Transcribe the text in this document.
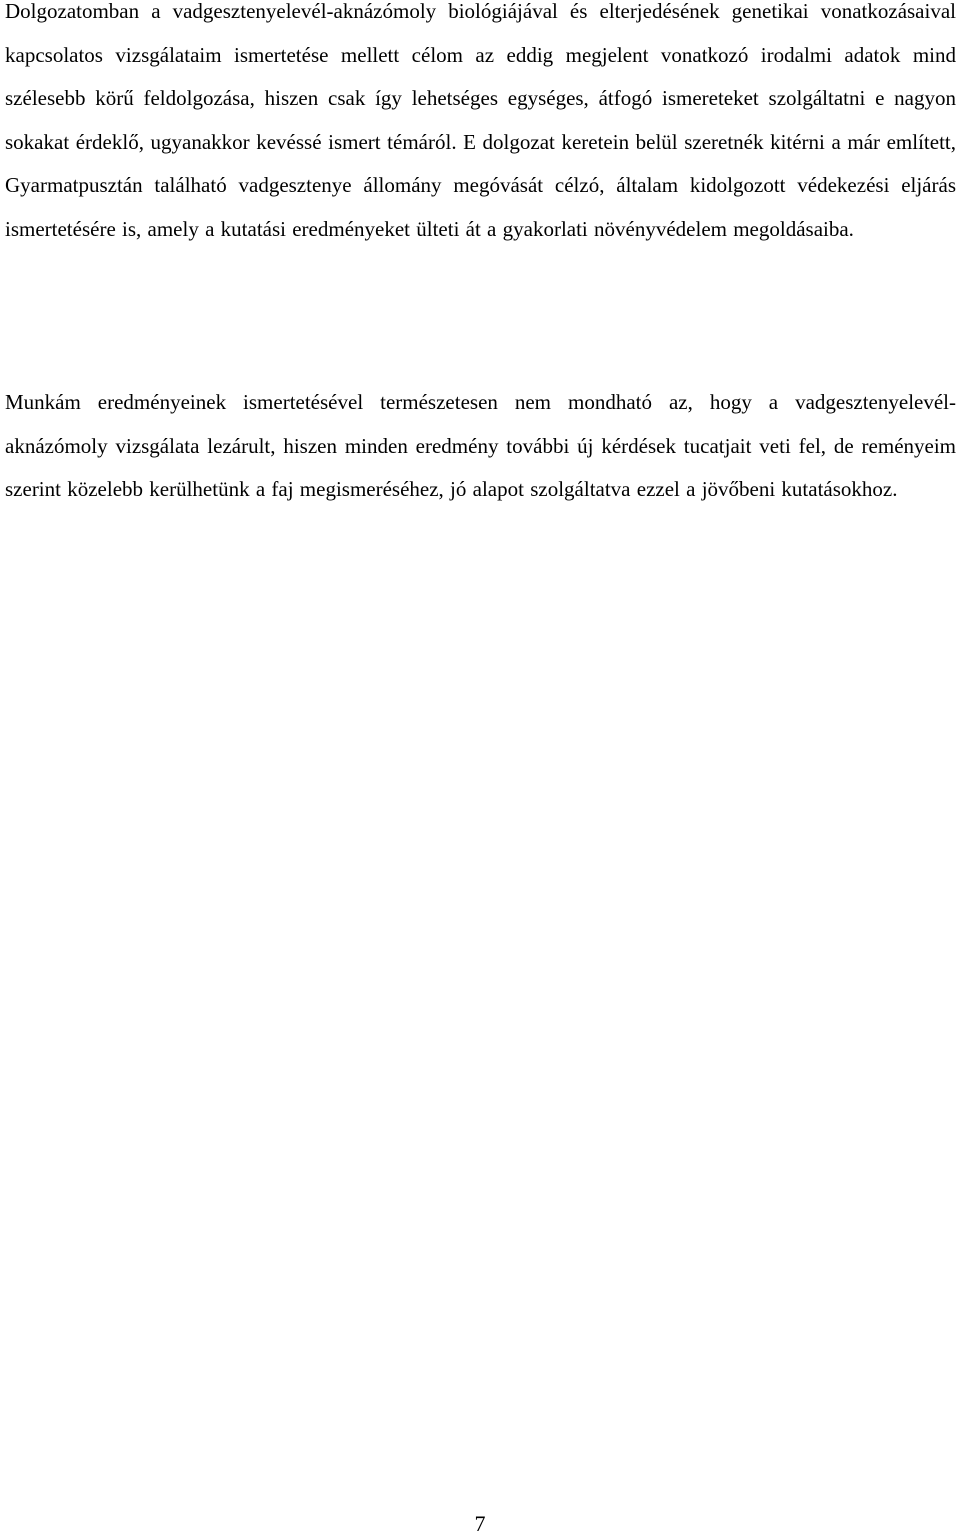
Dolgozatomban a vadgesztenyelevél-aknázómoly biológiájával és elterjedésének genetikai vonatkozásaival kapcsolatos vizsgálataim ismertetése mellett célom az eddig megjelent vonatkozó irodalmi adatok mind szélesebb körű feldolgozása, hiszen csak így lehetséges egységes, átfogó ismereteket szolgáltatni e nagyon sokakat érdeklő, ugyanakkor kevéssé ismert témáról. E dolgozat keretein belül szeretnék kitérni a már említett, Gyarmatpusztán található vadgesztenye állomány megóvását célzó, általam kidolgozott védekezési eljárás ismertetésére is, amely a kutatási eredményeket ülteti át a gyakorlati növényvédelem megoldásaiba.

Munkám eredményeinek ismertetésével természetesen nem mondható az, hogy a vadgesztenyelevél-aknázómoly vizsgálata lezárult, hiszen minden eredmény további új kérdések tucatjait veti fel, de reményeim szerint közelebb kerülhetünk a faj megismeréséhez, jó alapot szolgáltatva ezzel a jövőbeni kutatásokhoz.

7
